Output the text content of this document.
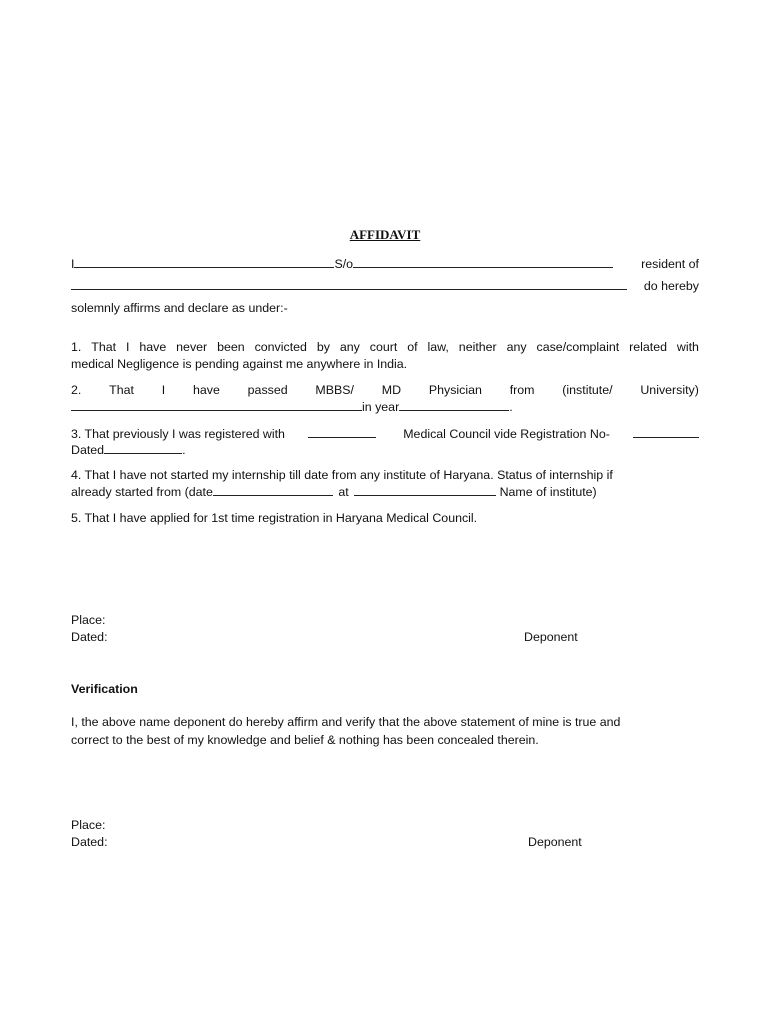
AFFIDAVIT
I	S/o	resident of
do hereby
solemnly affirms and declare as under:-
1. That I have never been convicted by any court of law, neither any case/complaint related with
medical Negligence is pending against me anywhere in India.
2. That I have passed MBBS/ MD Physician from (institute/ University)
in year	.
3. That previously I was registered with	Medical Council vide Registration No-
Dated	.
4. That I have not started my internship till date from any institute of Haryana. Status of internship if
already started from (date	at	Name of institute)
5. That I have applied for 1st time registration in Haryana Medical Council.
Place:
Dated:	Deponent
Verification
I, the above name deponent do hereby affirm and verify that the above statement of mine is true and
correct to the best of my knowledge and belief & nothing has been concealed therein.
Place:
Dated:	Deponent
